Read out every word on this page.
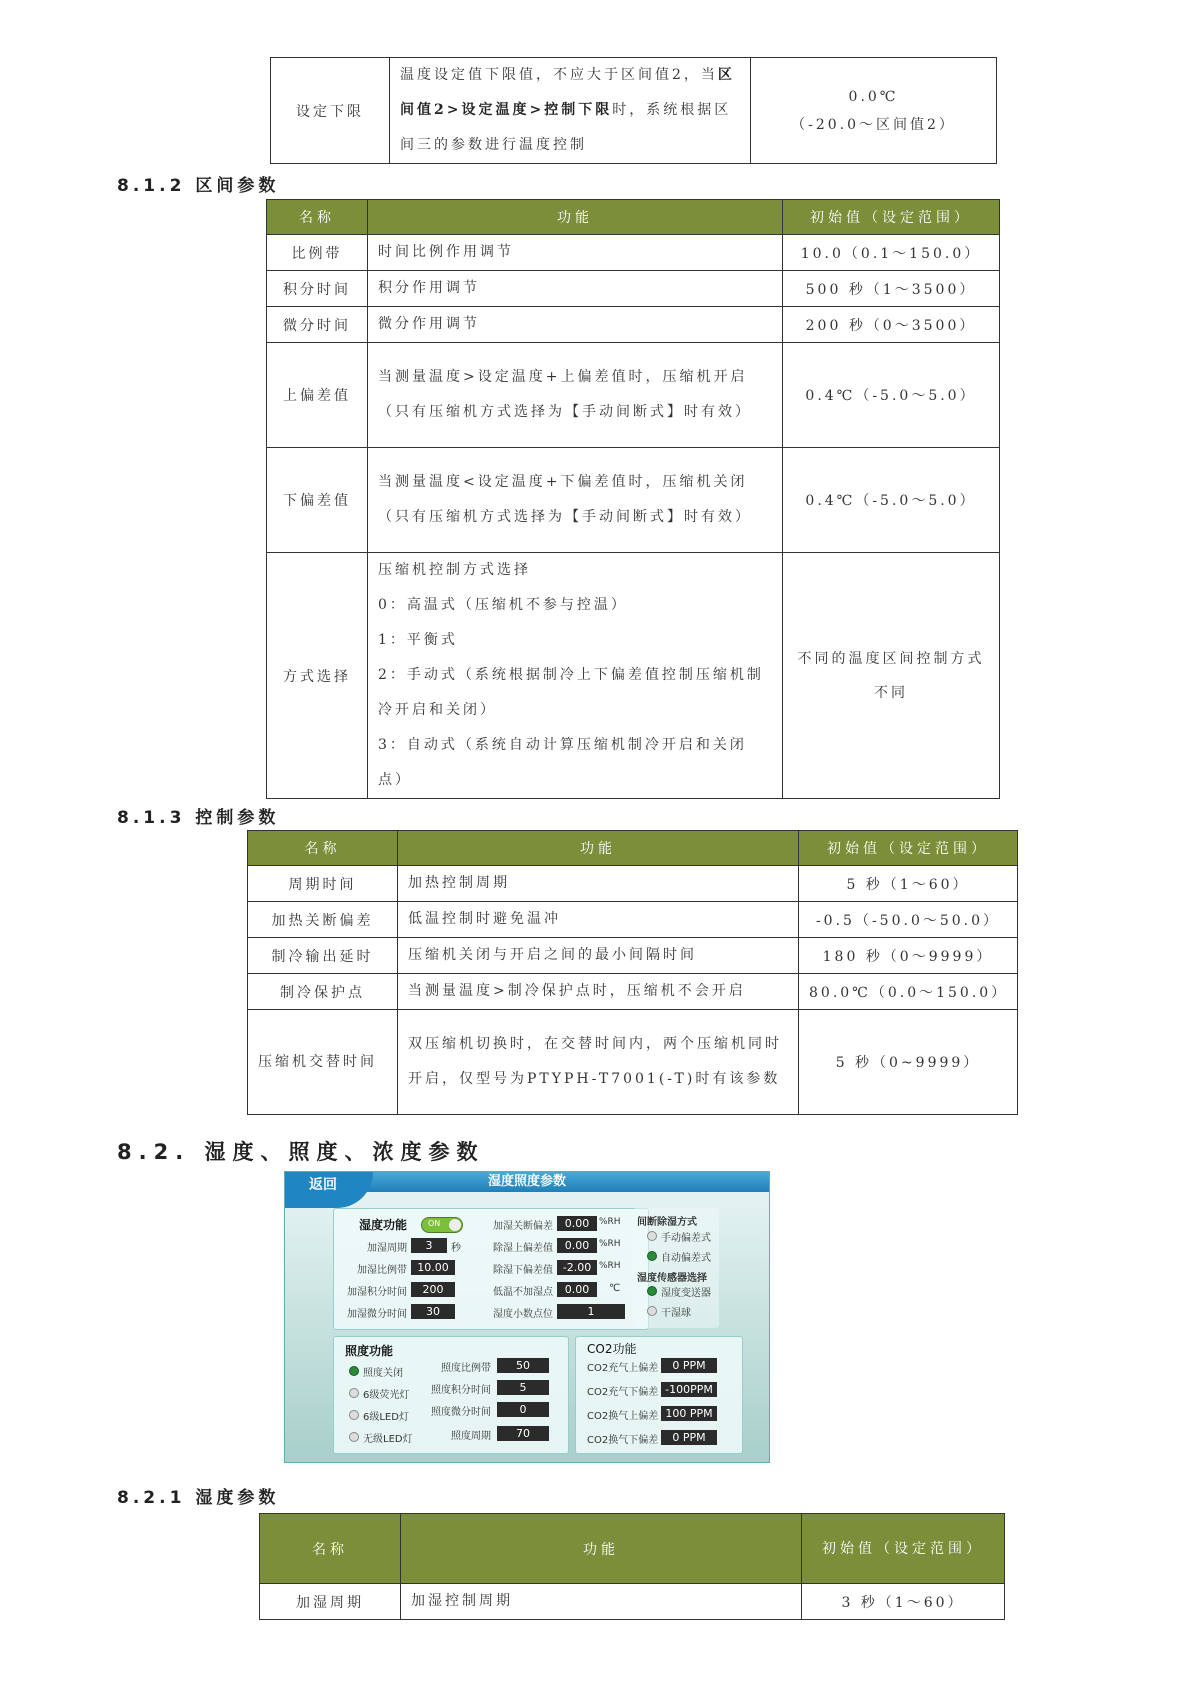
设定下限	温度设定值下限值，不应大于区间值2，当区间值2>设定温度>控制下限时，系统根据区间三的参数进行温度控制	
0.0℃
（-20.0～区间值2）
8.1.2 区间参数
名称	功能	初始值（设定范围）
比例带	时间比例作用调节	10.0（0.1～150.0）
积分时间	积分作用调节	500 秒（1～3500）
微分时间	微分作用调节	200 秒（0～3500）
上偏差值	当测量温度>设定温度+上偏差值时，压缩机开启（只有压缩机方式选择为【手动间断式】时有效）	0.4℃（-5.0～5.0）
下偏差值	当测量温度<设定温度+下偏差值时，压缩机关闭（只有压缩机方式选择为【手动间断式】时有效）	0.4℃（-5.0～5.0）
方式选择	压缩机控制方式选择
0：高温式（压缩机不参与控温）
1：平衡式
2：手动式（系统根据制冷上下偏差值控制压缩机制冷开启和关闭）
3：自动式（系统自动计算压缩机制冷开启和关闭点）	不同的温度区间控制方式不同
8.1.3 控制参数
名称	功能	初始值（设定范围）
周期时间	加热控制周期	5 秒（1～60）
加热关断偏差	低温控制时避免温冲	-0.5（-50.0～50.0）
制冷输出延时	压缩机关闭与开启之间的最小间隔时间	180 秒（0～9999）
制冷保护点	当测量温度>制冷保护点时，压缩机不会开启	80.0℃（0.0～150.0）
压缩机交替时间	双压缩机切换时，在交替时间内，两个压缩机同时开启，仅型号为PTYPH-T7001(-T)时有该参数	5 秒（0~9999）
8.2. 湿度、照度、浓度参数
湿度照度参数
返回
湿度功能	ON
加湿周期	3	秒
加湿比例带 10.00
加湿积分时间	200
加湿微分时间	30
加湿关断偏差	0.00	%RH
除湿上偏差值	0.00	%RH
除湿下偏差值 -2.00 %RH
低温不加湿点	0.00	℃
湿度小数点位	1
间断除湿方式
手动偏差式
自动偏差式
湿度传感器选择
湿度变送器
干湿球
照度功能
照度关闭
6级荧光灯
6级LED灯
无级LED灯
照度比例带	50
照度积分时间	5
照度微分时间	0
照度周期	70
CO2功能
CO2充气上偏差	0 PPM
CO2充气下偏差 -100PPM
CO2换气上偏差 100 PPM
CO2换气下偏差	0 PPM
8.2.1 湿度参数
名称	功能	初始值（设定范围）
加湿周期	加湿控制周期	3 秒（1～60）
